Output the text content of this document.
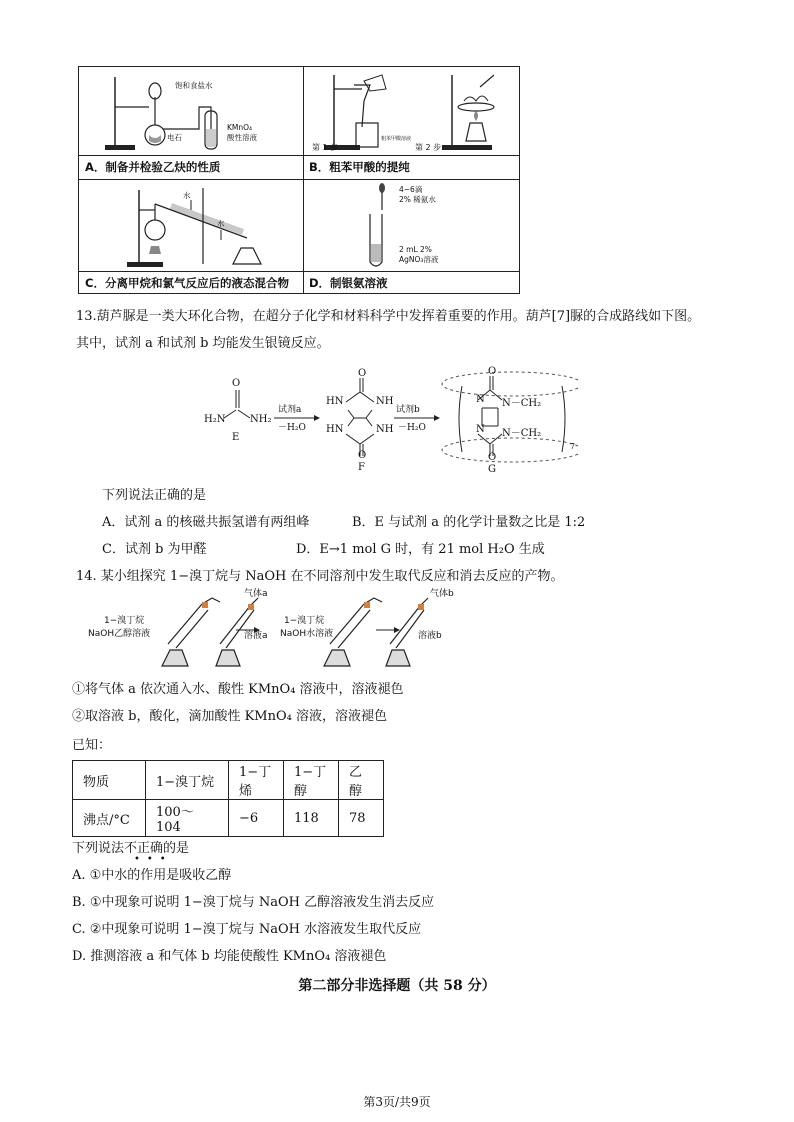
饱和食盐水
电石
KMnO₄
酸性溶液
A．制备并检验乙炔的性质
第 1 步
粗苯甲酸溶液
第 2 步
B．粗苯甲酸的提纯
水
水
C．分离甲烷和氯气反应后的液态混合物
4~6滴
2% 稀氨水
2 mL 2%
AgNO₃溶液
D．制银氨溶液
13.葫芦脲是一类大环化合物，在超分子化学和材料科学中发挥着重要的作用。葫芦[7]脲的合成路线如下图。
其中，试剂 a 和试剂 b 均能发生银镜反应。
H₂N NH₂
O
E
试剂a
－H₂O
O
HN	NH
HN	NH
O
F
试剂b
－H₂O
O
N N－CH₂
N N－CH₂
O
G
7
下列说法正确的是
A．试剂 a 的核磁共振氢谱有两组峰	B．E 与试剂 a 的化学计量数之比是 1:2
C．试剂 b 为甲醛	D．E→1 mol G 时，有 21 mol H₂O 生成
14. 某小组探究 1−溴丁烷与 NaOH 在不同溶剂中发生取代反应和消去反应的产物。
1−溴丁烷
NaOH乙醇溶液
气体a
溶液a
1−溴丁烷
NaOH水溶液
气体b
溶液b
①将气体 a 依次通入水、酸性 KMnO₄ 溶液中，溶液褪色
②取溶液 b，酸化，滴加酸性 KMnO₄ 溶液，溶液褪色
已知：
物质	1−溴丁烷	1−丁烯	1−丁醇	乙醇
沸点/°C	100～104	−6	118	78
下列说法不正确的是
•••
A. ①中水的作用是吸收乙醇
B. ①中现象可说明 1−溴丁烷与 NaOH 乙醇溶液发生消去反应
C. ②中现象可说明 1−溴丁烷与 NaOH 水溶液发生取代反应
D. 推测溶液 a 和气体 b 均能使酸性 KMnO₄ 溶液褪色
第二部分非选择题（共 58 分）
第3页/共9页
